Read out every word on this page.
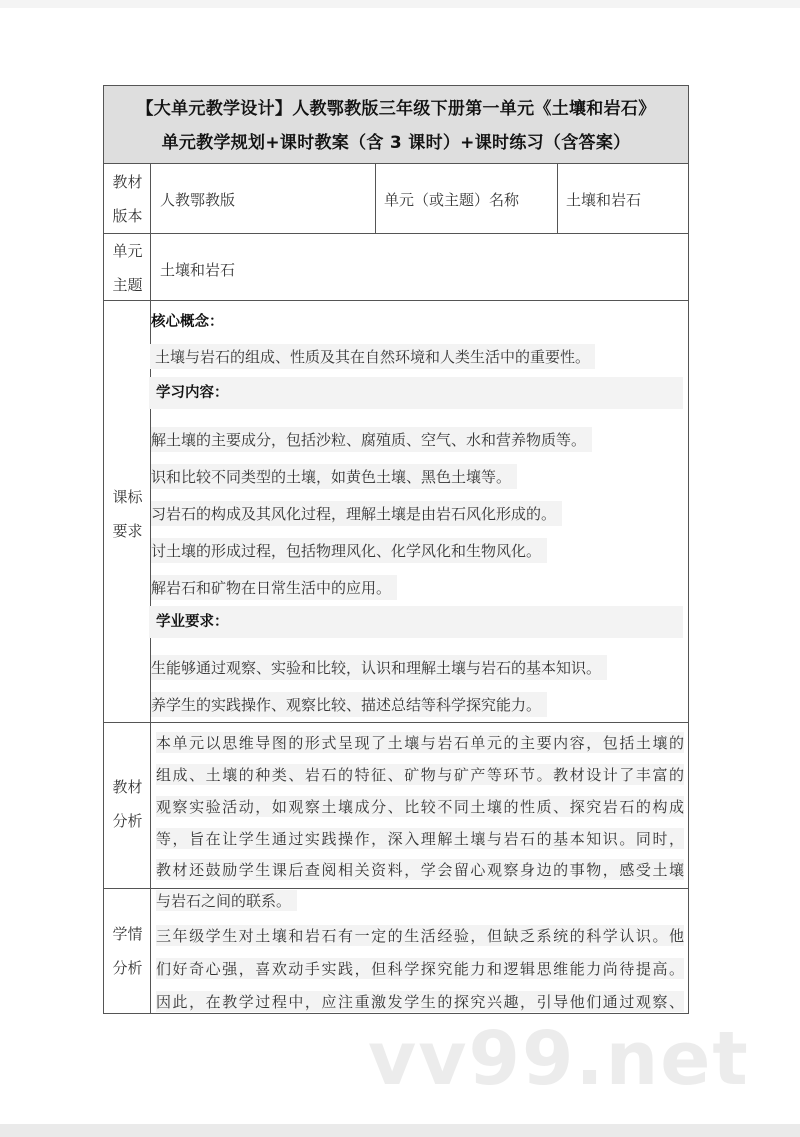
【大单元教学设计】人教鄂教版三年级下册第一单元《土壤和岩石》
单元教学规划+课时教案（含 3 课时）+课时练习（含答案）
教材
版本
人教鄂教版	单元（或主题）名称	土壤和岩石
单元
主题
土壤和岩石
课标
要求
核心概念：
土壤与岩石的组成、性质及其在自然环境和人类生活中的重要性。
学习内容：
解土壤的主要成分，包括沙粒、腐殖质、空气、水和营养物质等。
识和比较不同类型的土壤，如黄色土壤、黑色土壤等。
习岩石的构成及其风化过程，理解土壤是由岩石风化形成的。
讨土壤的形成过程，包括物理风化、化学风化和生物风化。
解岩石和矿物在日常生活中的应用。
学业要求：
生能够通过观察、实验和比较，认识和理解土壤与岩石的基本知识。
养学生的实践操作、观察比较、描述总结等科学探究能力。
教材
分析
本单元以思维导图的形式呈现了土壤与岩石单元的主要内容，包括土壤的
组成、土壤的种类、岩石的特征、矿物与矿产等环节。教材设计了丰富的
观察实验活动，如观察土壤成分、比较不同土壤的性质、探究岩石的构成
等，旨在让学生通过实践操作，深入理解土壤与岩石的基本知识。同时，
教材还鼓励学生课后查阅相关资料，学会留心观察身边的事物，感受土壤
与岩石之间的联系。
学情
分析
三年级学生对土壤和岩石有一定的生活经验，但缺乏系统的科学认识。他
们好奇心强，喜欢动手实践，但科学探究能力和逻辑思维能力尚待提高。
因此，在教学过程中，应注重激发学生的探究兴趣，引导他们通过观察、
vv99.net
